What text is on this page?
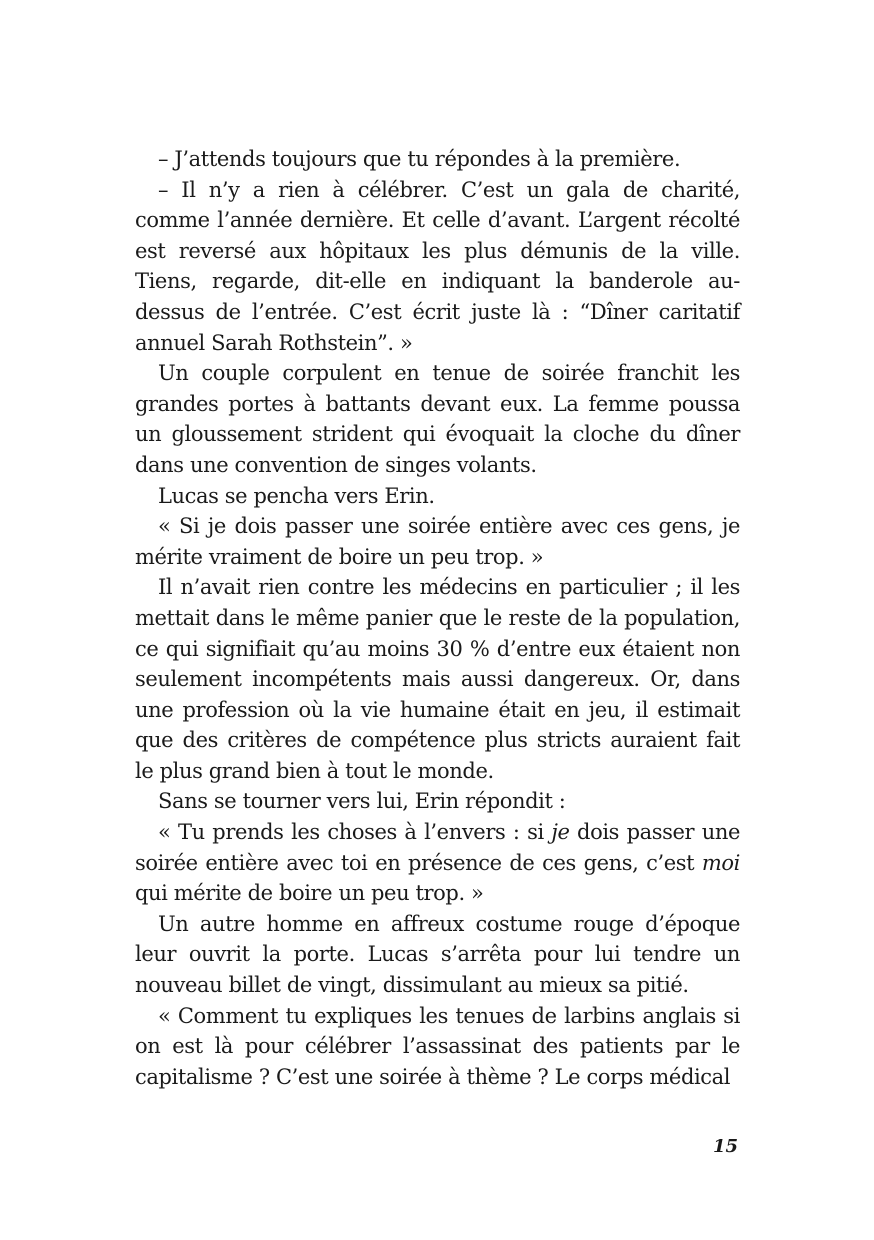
– J’attends toujours que tu répondes à la première.

– Il n’y a rien à célébrer. C’est un gala de charité, comme l’année dernière. Et celle d’avant. L’argent récolté est reversé aux hôpitaux les plus démunis de la ville. Tiens, regarde, dit-elle en indiquant la banderole au-dessus de l’entrée. C’est écrit juste là : “Dîner caritatif annuel Sarah Rothstein”. »

Un couple corpulent en tenue de soirée franchit les grandes portes à battants devant eux. La femme poussa un gloussement strident qui évoquait la cloche du dîner dans une convention de singes volants.

Lucas se pencha vers Erin.

« Si je dois passer une soirée entière avec ces gens, je mérite vraiment de boire un peu trop. »

Il n’avait rien contre les médecins en particulier ; il les mettait dans le même panier que le reste de la population, ce qui signifiait qu’au moins 30 % d’entre eux étaient non seulement incompétents mais aussi dangereux. Or, dans une profession où la vie humaine était en jeu, il estimait que des critères de compétence plus stricts auraient fait le plus grand bien à tout le monde.

Sans se tourner vers lui, Erin répondit :

« Tu prends les choses à l’envers : si je dois passer une soirée entière avec toi en présence de ces gens, c’est moi qui mérite de boire un peu trop. »

Un autre homme en affreux costume rouge d’époque leur ouvrit la porte. Lucas s’arrêta pour lui tendre un nouveau billet de vingt, dissimulant au mieux sa pitié.

« Comment tu expliques les tenues de larbins anglais si on est là pour célébrer l’assassinat des patients par le capitalisme ? C’est une soirée à thème ? Le corps médical

15
